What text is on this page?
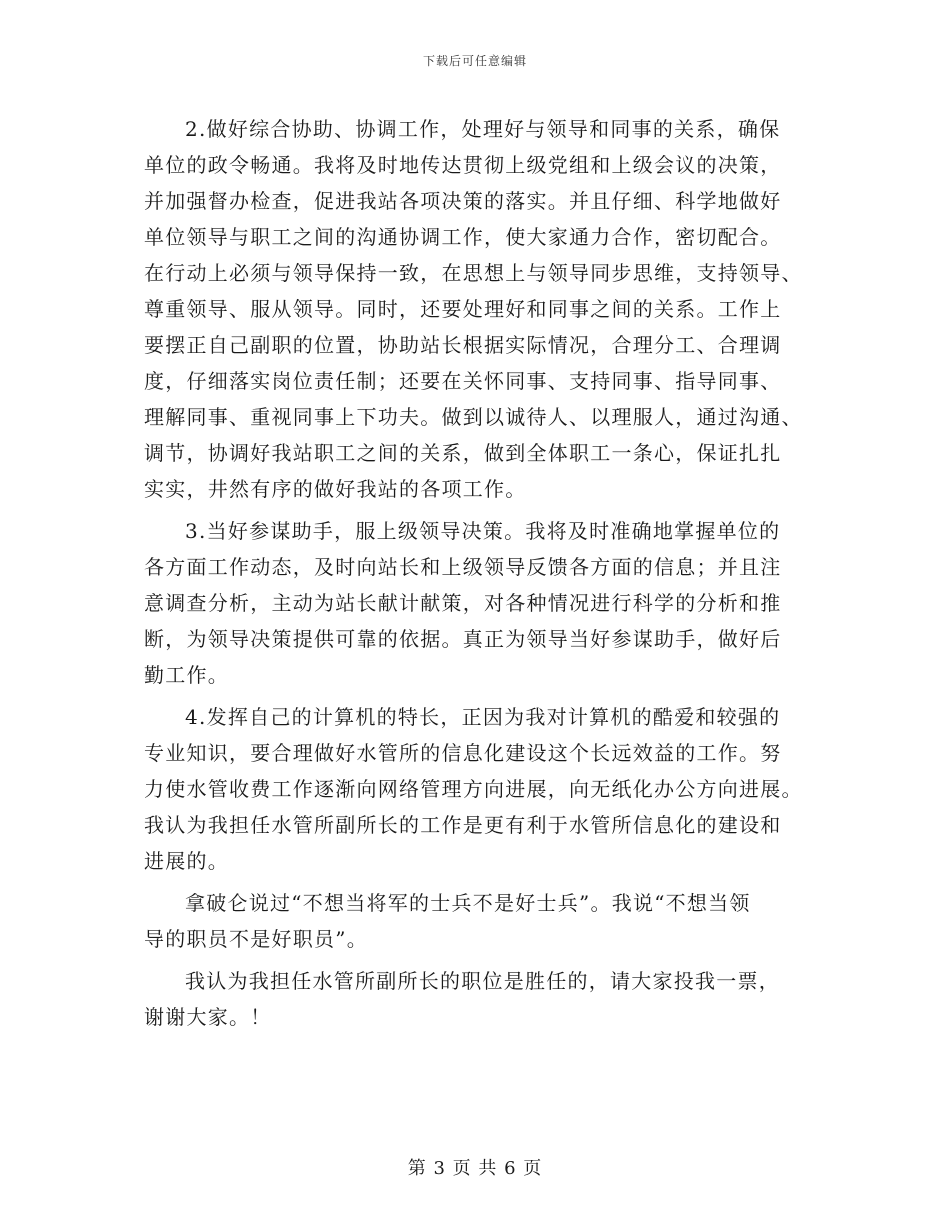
下载后可任意编辑
2.做好综合协助、协调工作，处理好与领导和同事的关系，确保
单位的政令畅通。我将及时地传达贯彻上级党组和上级会议的决策，
并加强督办检查，促进我站各项决策的落实。并且仔细、科学地做好
单位领导与职工之间的沟通协调工作，使大家通力合作，密切配合。
在行动上必须与领导保持一致，在思想上与领导同步思维，支持领导、
尊重领导、服从领导。同时，还要处理好和同事之间的关系。工作上
要摆正自己副职的位置，协助站长根据实际情况，合理分工、合理调
度，仔细落实岗位责任制；还要在关怀同事、支持同事、指导同事、
理解同事、重视同事上下功夫。做到以诚待人、以理服人，通过沟通、
调节，协调好我站职工之间的关系，做到全体职工一条心，保证扎扎
实实，井然有序的做好我站的各项工作。
3.当好参谋助手，服上级领导决策。我将及时准确地掌握单位的
各方面工作动态，及时向站长和上级领导反馈各方面的信息；并且注
意调查分析，主动为站长献计献策，对各种情况进行科学的分析和推
断，为领导决策提供可靠的依据。真正为领导当好参谋助手，做好后
勤工作。
4.发挥自己的计算机的特长，正因为我对计算机的酷爱和较强的
专业知识，要合理做好水管所的信息化建设这个长远效益的工作。努
力使水管收费工作逐渐向网络管理方向进展，向无纸化办公方向进展。
我认为我担任水管所副所长的工作是更有利于水管所信息化的建设和
进展的。
拿破仑说过“不想当将军的士兵不是好士兵”。我说“不想当领
导的职员不是好职员”。
我认为我担任水管所副所长的职位是胜任的，请大家投我一票，
谢谢大家。！
第 3 页 共 6 页
